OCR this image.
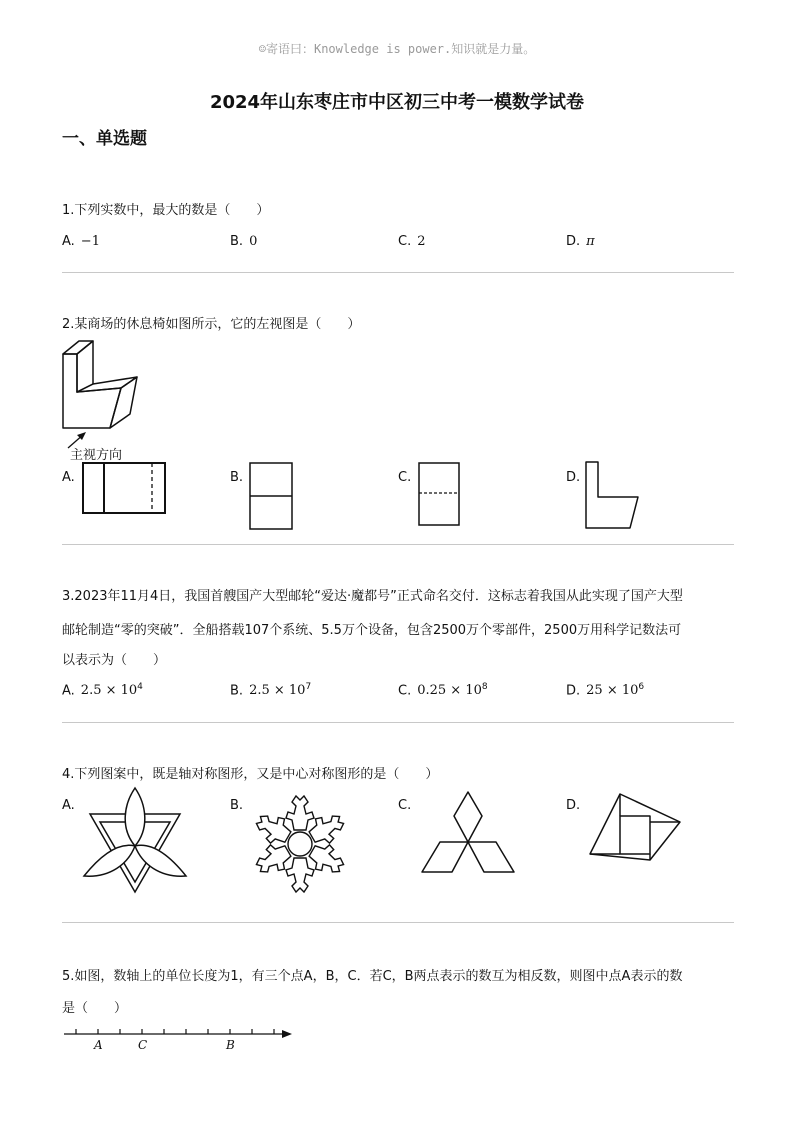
☺寄语曰：Knowledge is power.知识就是力量。
2024年山东枣庄市中区初三中考一模数学试卷
一、单选题
1.下列实数中，最大的数是（　　）
A. −1	B. 0	C. 2	D. π
2.某商场的休息椅如图所示，它的左视图是（　　）
主视方向
A.	B.	C.	D.
3.2023年11月4日，我国首艘国产大型邮轮“爱达·魔都号”正式命名交付．这标志着我国从此实现了国产大型
邮轮制造“零的突破”．全船搭载107个系统、5.5万个设备，包含2500万个零部件，2500万用科学记数法可
以表示为（　　）
A. $2.5 \times 10^4$	B. $2.5 \times 10^7$	C. $0.25 \times 10^8$	D. $25 \times 10^6$
4.下列图案中，既是轴对称图形，又是中心对称图形的是（　　）
A.	B.	C.	D.
5.如图，数轴上的单位长度为1，有三个点A，B，C．若C，B两点表示的数互为相反数，则图中点A表示的数
是（　　）
A	C	B
